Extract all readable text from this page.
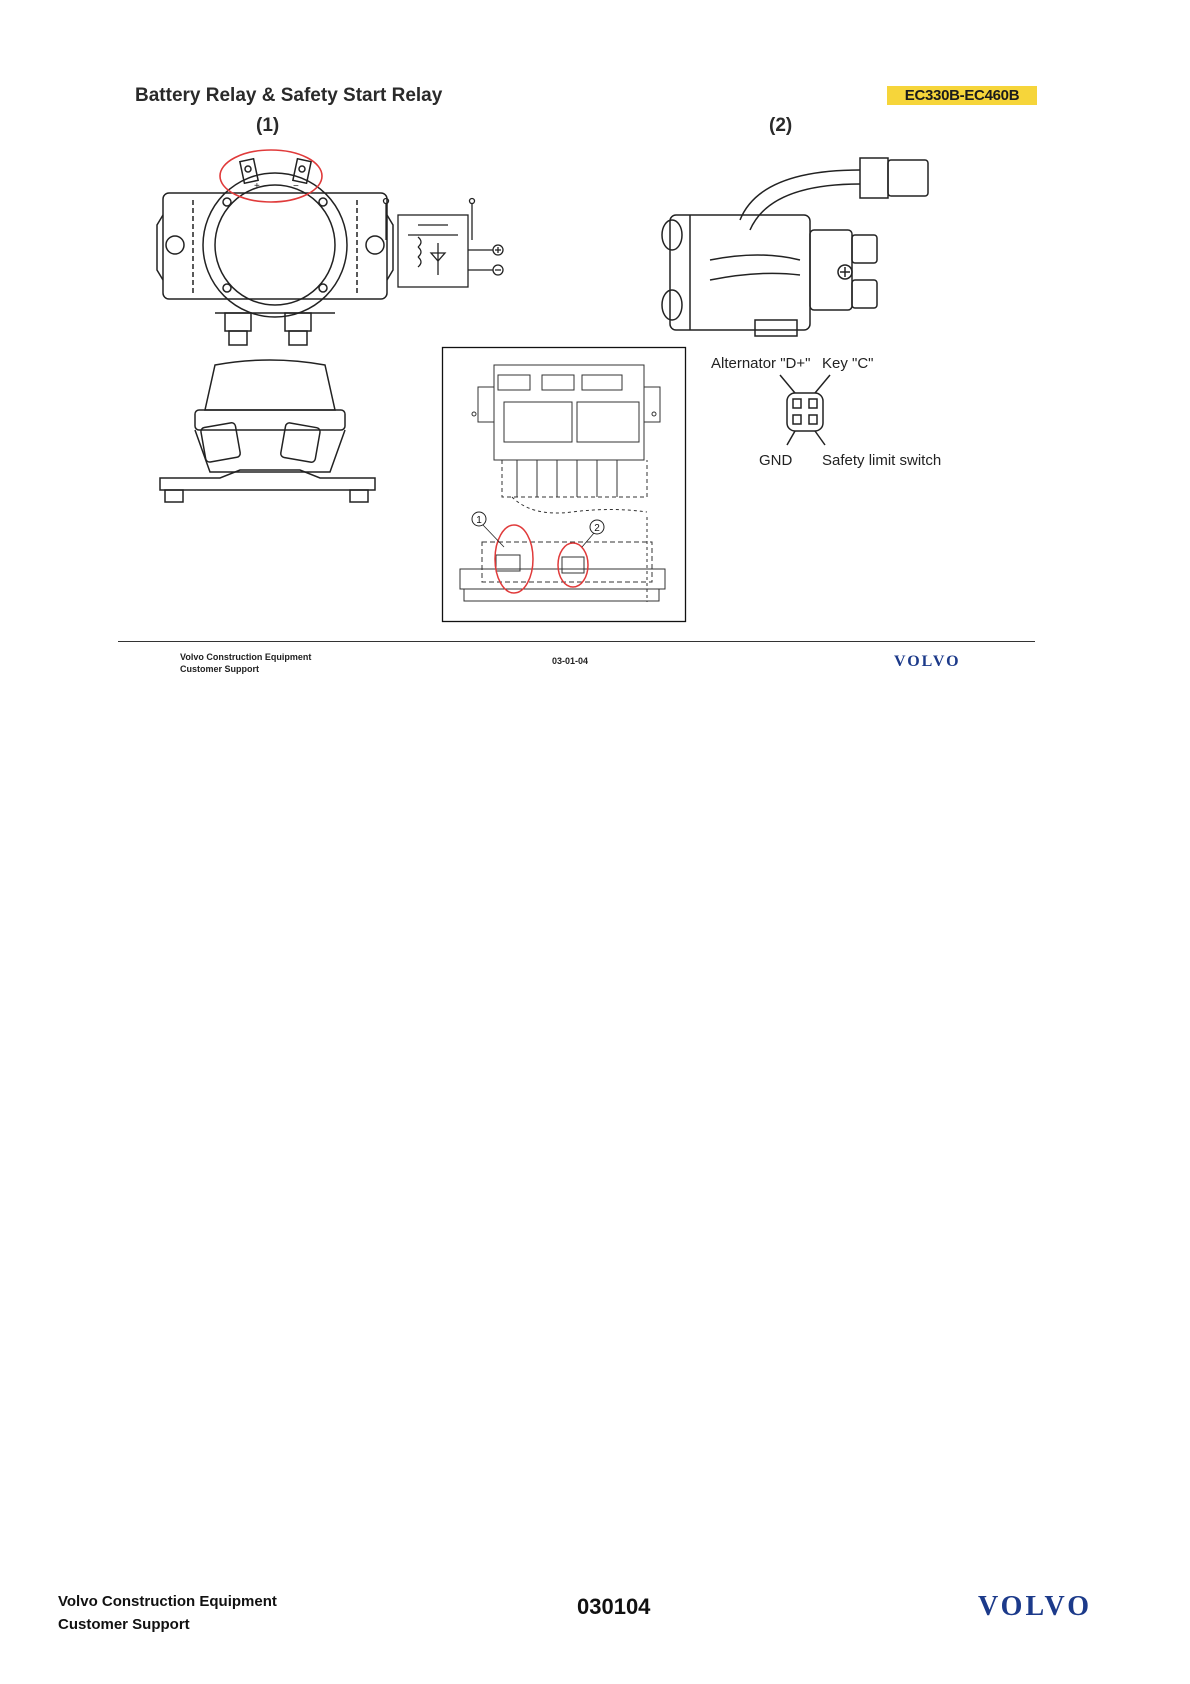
Battery Relay & Safety Start Relay	EC330B-EC460B
(1)	(2)
+	−
1
2
Alternator "D+" Key "C"
GND Safety limit switch
Volvo Construction Equipment
Customer Support
03-01-04	VOLVO
Volvo Construction Equipment
Customer Support
030104	VOLVO
